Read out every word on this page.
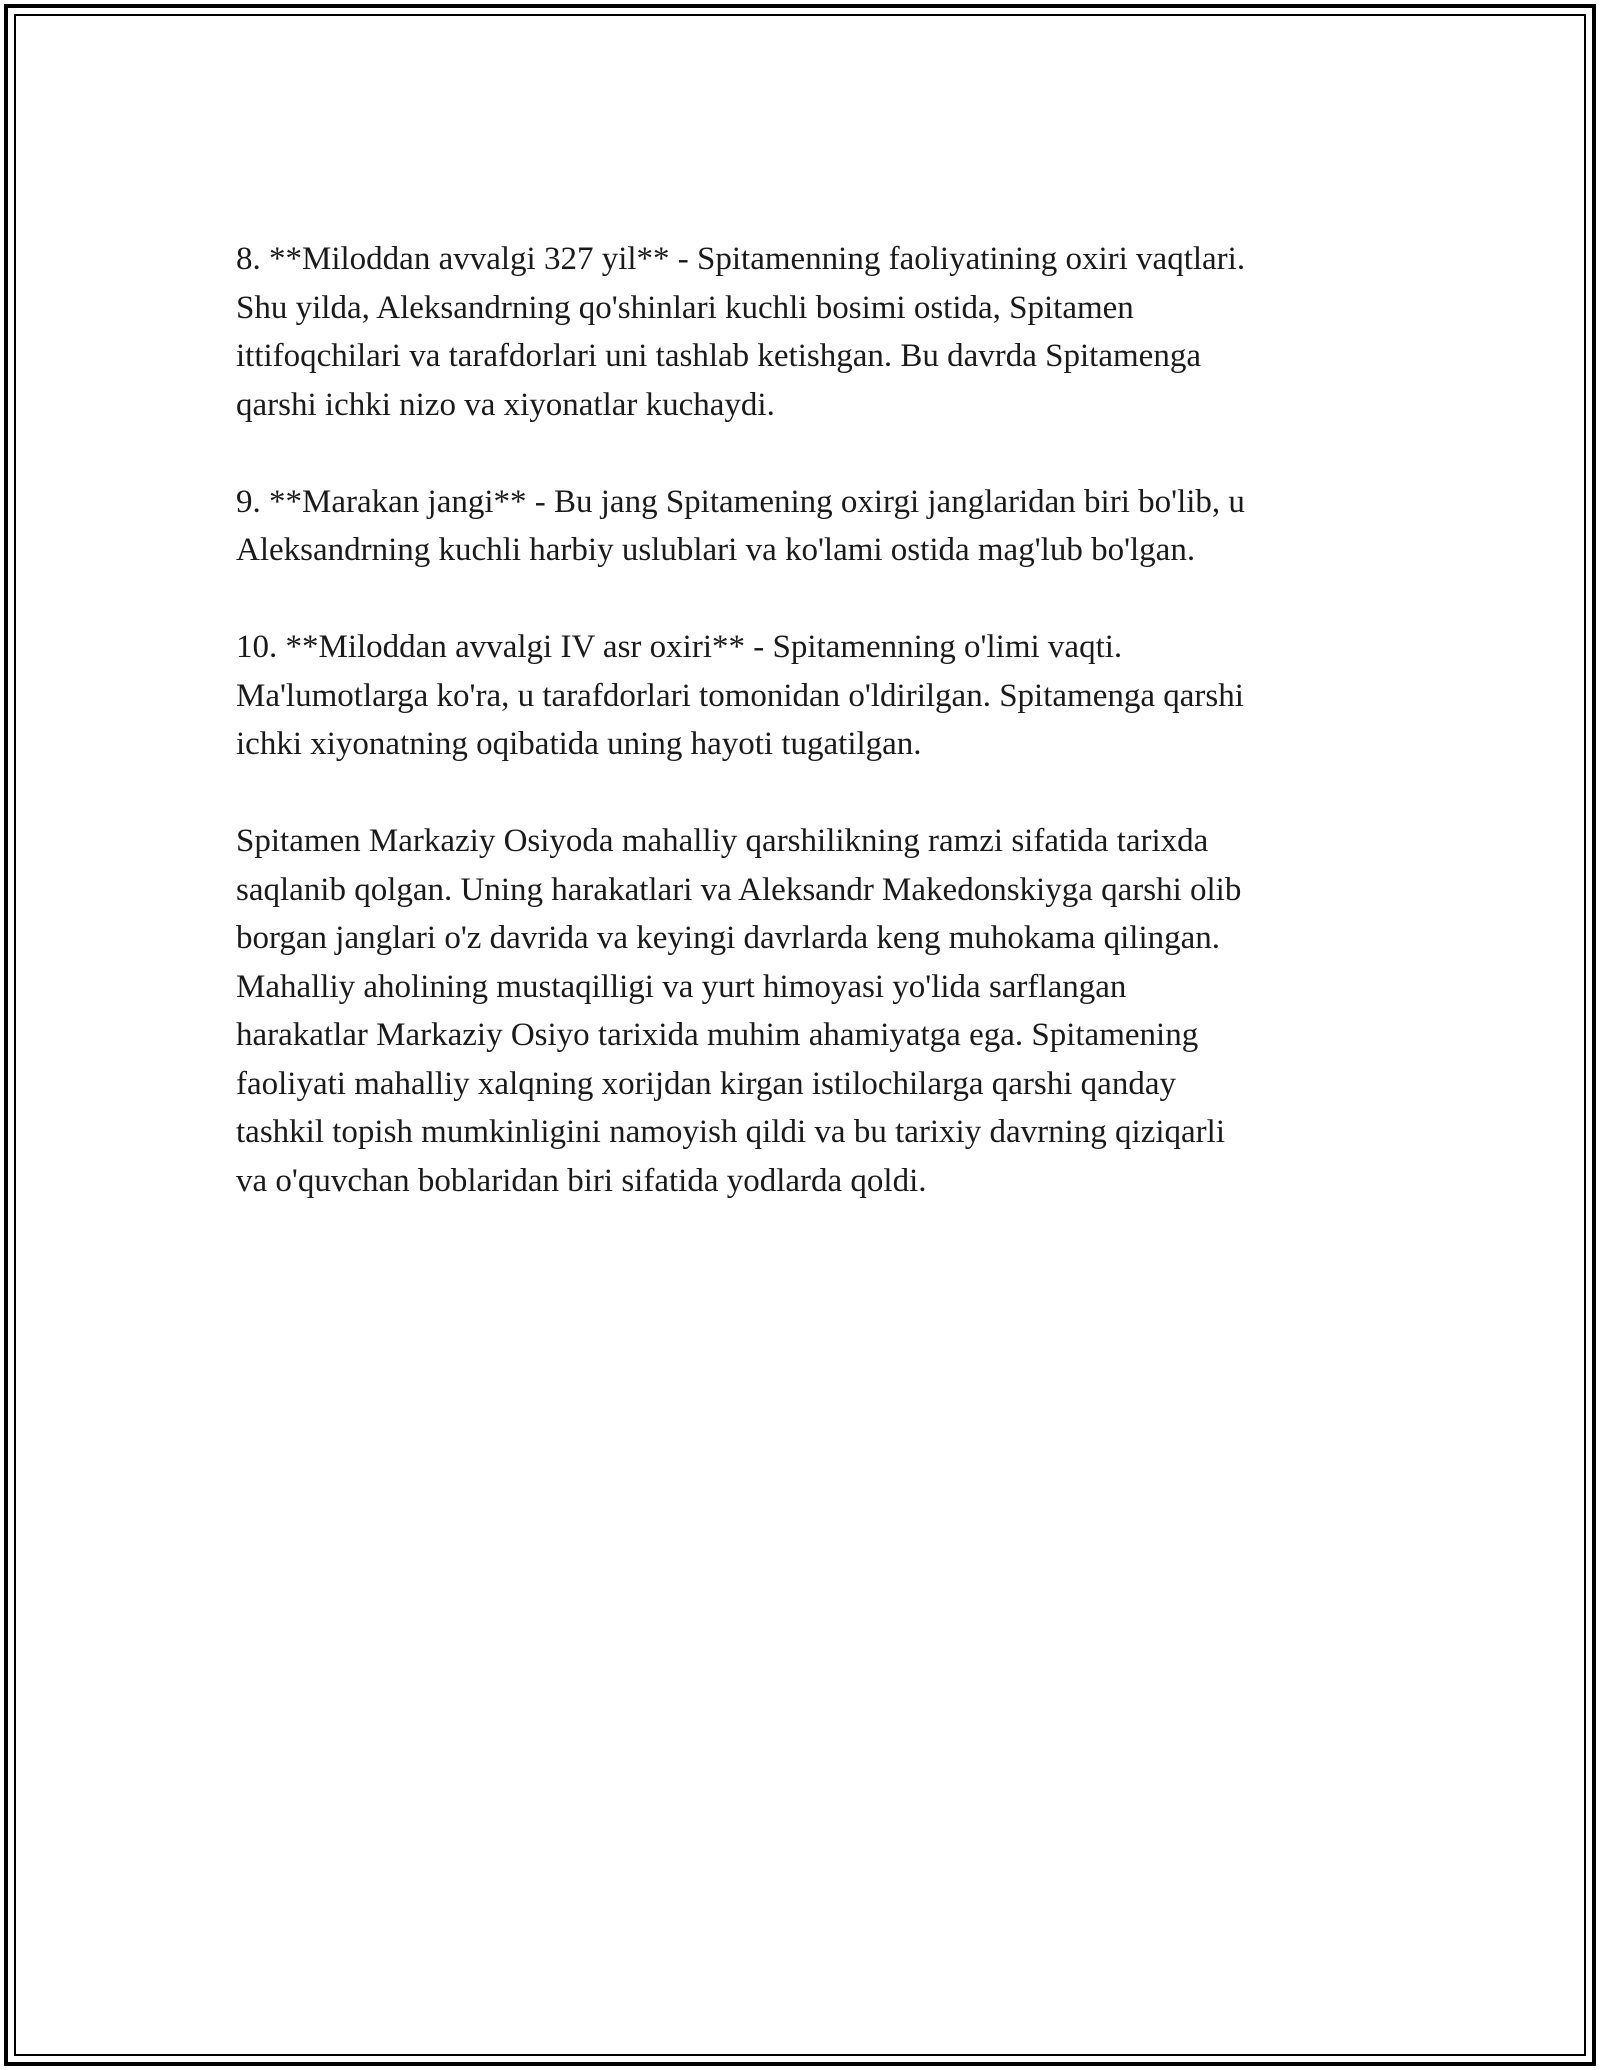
8. **Miloddan avvalgi 327 yil** - Spitamenning faoliyatining oxiri vaqtlari.
Shu yilda, Aleksandrning qo'shinlari kuchli bosimi ostida, Spitamen
ittifoqchilari va tarafdorlari uni tashlab ketishgan. Bu davrda Spitamenga
qarshi ichki nizo va xiyonatlar kuchaydi.

9. **Marakan jangi** - Bu jang Spitamening oxirgi janglaridan biri bo'lib, u
Aleksandrning kuchli harbiy uslublari va ko'lami ostida mag'lub bo'lgan.

10. **Miloddan avvalgi IV asr oxiri** - Spitamenning o'limi vaqti.
Ma'lumotlarga ko'ra, u tarafdorlari tomonidan o'ldirilgan. Spitamenga qarshi
ichki xiyonatning oqibatida uning hayoti tugatilgan.

Spitamen Markaziy Osiyoda mahalliy qarshilikning ramzi sifatida tarixda
saqlanib qolgan. Uning harakatlari va Aleksandr Makedonskiyga qarshi olib
borgan janglari o'z davrida va keyingi davrlarda keng muhokama qilingan.
Mahalliy aholining mustaqilligi va yurt himoyasi yo'lida sarflangan
harakatlar Markaziy Osiyo tarixida muhim ahamiyatga ega. Spitamening
faoliyati mahalliy xalqning xorijdan kirgan istilochilarga qarshi qanday
tashkil topish mumkinligini namoyish qildi va bu tarixiy davrning qiziqarli
va o'quvchan boblaridan biri sifatida yodlarda qoldi.
